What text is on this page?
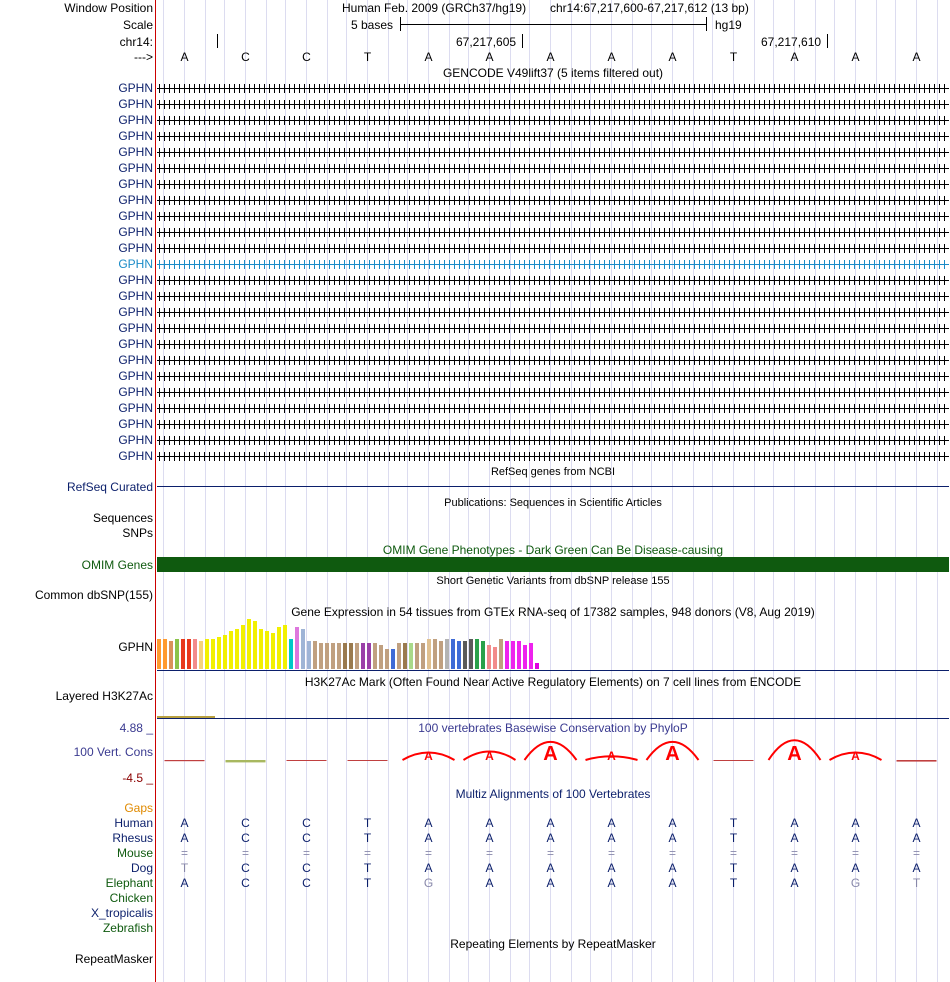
Window Position	Human Feb. 2009 (GRCh37/hg19) chr14:67,217,600-67,217,612 (13 bp)
Scale	5 bases	hg19
chr14:	67,217,605	67,217,610
--->	A	C	C	T	A	A	A	A	A	T	A	A	A
GENCODE V49lift37 (5 items filtered out)
GPHN
GPHN
GPHN
GPHN
GPHN
GPHN
GPHN
GPHN
GPHN
GPHN
GPHN
GPHN
GPHN
GPHN
GPHN
GPHN
GPHN
GPHN
GPHN
GPHN
GPHN
GPHN
GPHN
GPHN
RefSeq genes from NCBI
RefSeq Curated
Publications: Sequences in Scientific Articles
Sequences
SNPs
OMIM Gene Phenotypes - Dark Green Can Be Disease-causing
OMIM Genes
Short Genetic Variants from dbSNP release 155
Common dbSNP(155)
Gene Expression in 54 tissues from GTEx RNA-seq of 17382 samples, 948 donors (V8, Aug 2019)
GPHN
H3K27Ac Mark (Often Found Near Active Regulatory Elements) on 7 cell lines from ENCODE
Layered H3K27Ac
100 vertebrates Basewise Conservation by PhyloP
4.88 _
100 Vert. Cons
-4.5 _
A	A A	A A	A	A
Multiz Alignments of 100 Vertebrates
Gaps
Human	A	C	C	T	A	A	A	A	A	T	A	A	A
Rhesus	A	C	C	T	A	A	A	A	A	T	A	A	A
Mouse	=	=	=	=	=	=	=	=	=	=	=	=	=
Dog	T	C	C	T	A	A	A	A	A	T	A	A	A
Elephant	A	C	C	T	G	A	A	A	A	T	A	G	T
Chicken
X_tropicalis
Zebrafish
Repeating Elements by RepeatMasker
RepeatMasker
